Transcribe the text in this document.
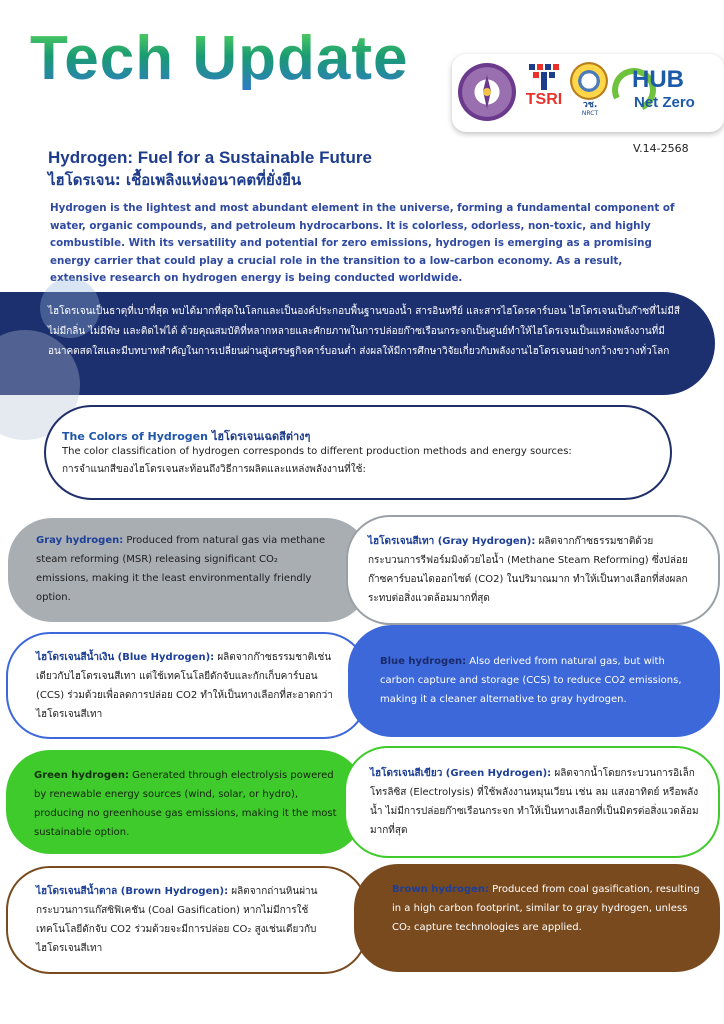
Tech Update
TSRI	วช.
NRCT
HUB
Net Zero
V.14-2568
Hydrogen: Fuel for a Sustainable Future
ไฮโดรเจน: เชื้อเพลิงแห่งอนาคตที่ยั่งยืน

Hydrogen is the lightest and most abundant element in the universe, forming a fundamental component of water, organic compounds, and petroleum hydrocarbons. It is colorless, odorless, non-toxic, and highly combustible. With its versatility and potential for zero emissions, hydrogen is emerging as a promising energy carrier that could play a crucial role in the transition to a low-carbon economy. As a result, extensive research on hydrogen energy is being conducted worldwide.

ไฮโดรเจนเป็นธาตุที่เบาที่สุด พบได้มากที่สุดในโลกและเป็นองค์ประกอบพื้นฐานของน้ำ สารอินทรีย์ และสารไฮโดรคาร์บอน ไฮโดรเจนเป็นก๊าซที่ไม่มีสี ไม่มีกลิ่น ไม่มีพิษ และติดไฟได้ ด้วยคุณสมบัติที่หลากหลายและศักยภาพในการปล่อยก๊าซเรือนกระจกเป็นศูนย์ทำให้ไฮโดรเจนเป็นแหล่งพลังงานที่มีอนาคตสดใสและมีบทบาทสำคัญในการเปลี่ยนผ่านสู่เศรษฐกิจคาร์บอนต่ำ ส่งผลให้มีการศึกษาวิจัยเกี่ยวกับพลังงานไฮโดรเจนอย่างกว้างขวางทั่วโลก

The Colors of Hydrogen ไฮโดรเจนเฉดสีต่างๆ
The color classification of hydrogen corresponds to different production methods and energy sources:
การจำแนกสีของไฮโดรเจนสะท้อนถึงวิธีการผลิตและแหล่งพลังงานที่ใช้:

Gray hydrogen: Produced from natural gas via methane steam reforming (MSR) releasing significant CO₂ emissions, making it the least environmentally friendly option.

ไฮโดรเจนสีเทา (Gray Hydrogen): ผลิตจากก๊าซธรรมชาติด้วยกระบวนการรีฟอร์มมิงด้วยไอน้ำ (Methane Steam Reforming) ซึ่งปล่อยก๊าซคาร์บอนไดออกไซด์ (CO2) ในปริมาณมาก ทำให้เป็นทางเลือกที่ส่งผลกระทบต่อสิ่งแวดล้อมมากที่สุด

ไฮโดรเจนสีน้ำเงิน (Blue Hydrogen): ผลิตจากก๊าซธรรมชาติเช่นเดียวกับไฮโดรเจนสีเทา แต่ใช้เทคโนโลยีดักจับและกักเก็บคาร์บอน (CCS) ร่วมด้วยเพื่อลดการปล่อย CO2 ทำให้เป็นทางเลือกที่สะอาดกว่าไฮโดรเจนสีเทา

Blue hydrogen: Also derived from natural gas, but with carbon capture and storage (CCS) to reduce CO2 emissions, making it a cleaner alternative to gray hydrogen.

Green hydrogen: Generated through electrolysis powered by renewable energy sources (wind, solar, or hydro), producing no greenhouse gas emissions, making it the most sustainable option.

ไฮโดรเจนสีเขียว (Green Hydrogen): ผลิตจากน้ำโดยกระบวนการอิเล็กโทรลิซิส (Electrolysis) ที่ใช้พลังงานหมุนเวียน เช่น ลม แสงอาทิตย์ หรือพลังน้ำ ไม่มีการปล่อยก๊าซเรือนกระจก ทำให้เป็นทางเลือกที่เป็นมิตรต่อสิ่งแวดล้อมมากที่สุด

ไฮโดรเจนสีน้ำตาล (Brown Hydrogen): ผลิตจากถ่านหินผ่านกระบวนการแก๊สซิฟิเคชัน (Coal Gasification) หากไม่มีการใช้เทคโนโลยีดักจับ CO2 ร่วมด้วยจะมีการปล่อย CO₂ สูงเช่นเดียวกับไฮโดรเจนสีเทา

Brown hydrogen: Produced from coal gasification, resulting in a high carbon footprint, similar to gray hydrogen, unless CO₂ capture technologies are applied.
